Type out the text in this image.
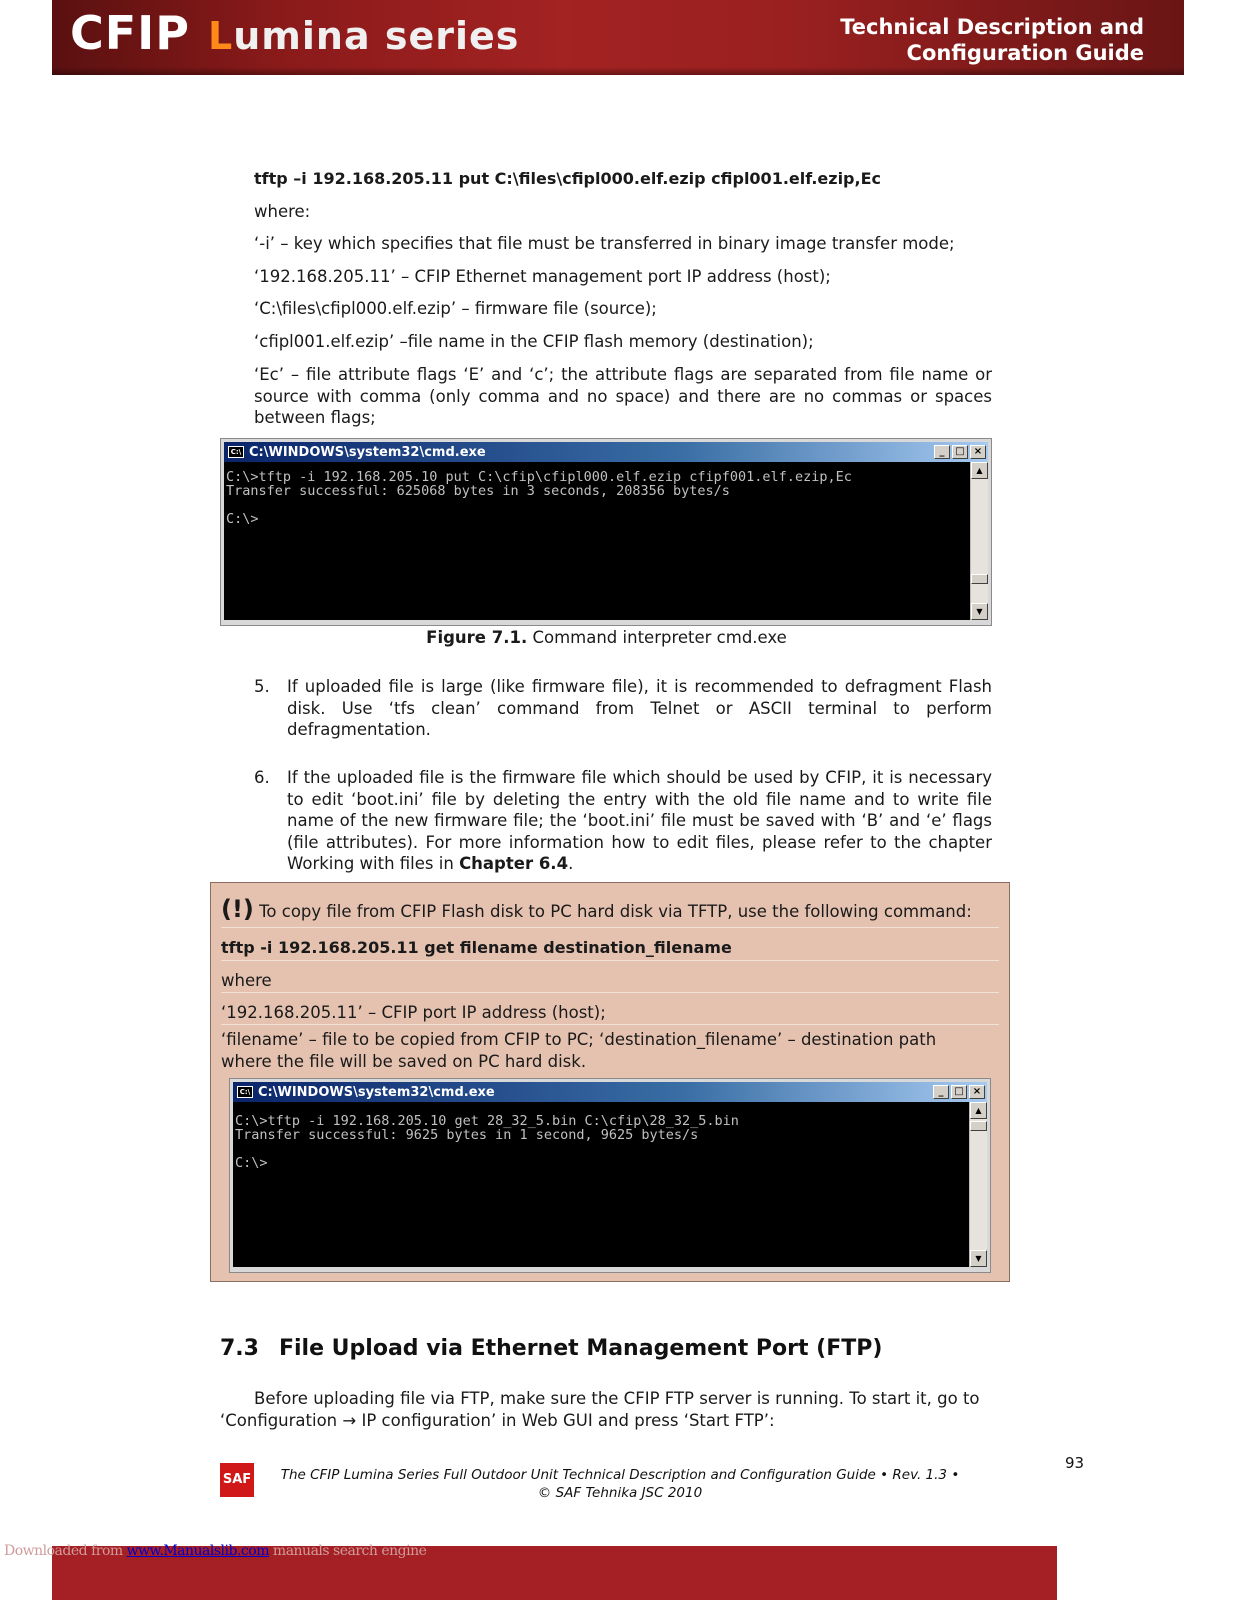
CFIP Lumina series	Technical Description and
Configuration Guide
tftp –i 192.168.205.11 put C:\files\cfipl000.elf.ezip cfipl001.elf.ezip,Ec
where:
‘-i’ – key which specifies that file must be transferred in binary image transfer mode;
‘192.168.205.11’ – CFIP Ethernet management port IP address (host);
‘C:\files\cfipl000.elf.ezip’ – firmware file (source);
‘cfipl001.elf.ezip’ –file name in the CFIP flash memory (destination);
‘Ec’ – file attribute flags ‘E’ and ‘c’; the attribute flags are separated from file name or source with comma (only comma and no space) and there are no commas or spaces between flags;
C:\ C:\WINDOWS\system32\cmd.exe	_	□ ×
C:\>tftp -i 192.168.205.10 put C:\cfip\cfipl000.elf.ezip cfipf001.elf.ezip,Ec
Transfer successful: 625068 bytes in 3 seconds, 208356 bytes/s
C:\>
▲
▼
Figure 7.1. Command interpreter cmd.exe
5. If uploaded file is large (like firmware file), it is recommended to defragment Flash disk. Use ‘tfs clean’ command from Telnet or ASCII terminal to perform defragmentation.
6. If the uploaded file is the firmware file which should be used by CFIP, it is necessary to edit ‘boot.ini’ file by deleting the entry with the old file name and to write file name of the new firmware file; the ‘boot.ini’ file must be saved with ‘B’ and ‘e’ flags (file attributes). For more information how to edit files, please refer to the chapter Working with files in Chapter 6.4.
(!) To copy file from CFIP Flash disk to PC hard disk via TFTP, use the following command:
tftp -i 192.168.205.11 get filename destination_filename
where
‘192.168.205.11’ – CFIP port IP address (host);
‘filename’ – file to be copied from CFIP to PC; ‘destination_filename’ – destination path where the file will be saved on PC hard disk.
C:\ C:\WINDOWS\system32\cmd.exe	_	□ ×
C:\>tftp -i 192.168.205.10 get 28_32_5.bin C:\cfip\28_32_5.bin
Transfer successful: 9625 bytes in 1 second, 9625 bytes/s
C:\>
▲
▼
7.3 File Upload via Ethernet Management Port (FTP)
Before uploading file via FTP, make sure the CFIP FTP server is running. To start it, go to ‘Configuration → IP configuration’ in Web GUI and press ‘Start FTP’:
93
SAF	The CFIP Lumina Series Full Outdoor Unit Technical Description and Configuration Guide • Rev. 1.3 •
© SAF Tehnika JSC 2010
Downloaded from www.Manualslib.com manuals search engine
